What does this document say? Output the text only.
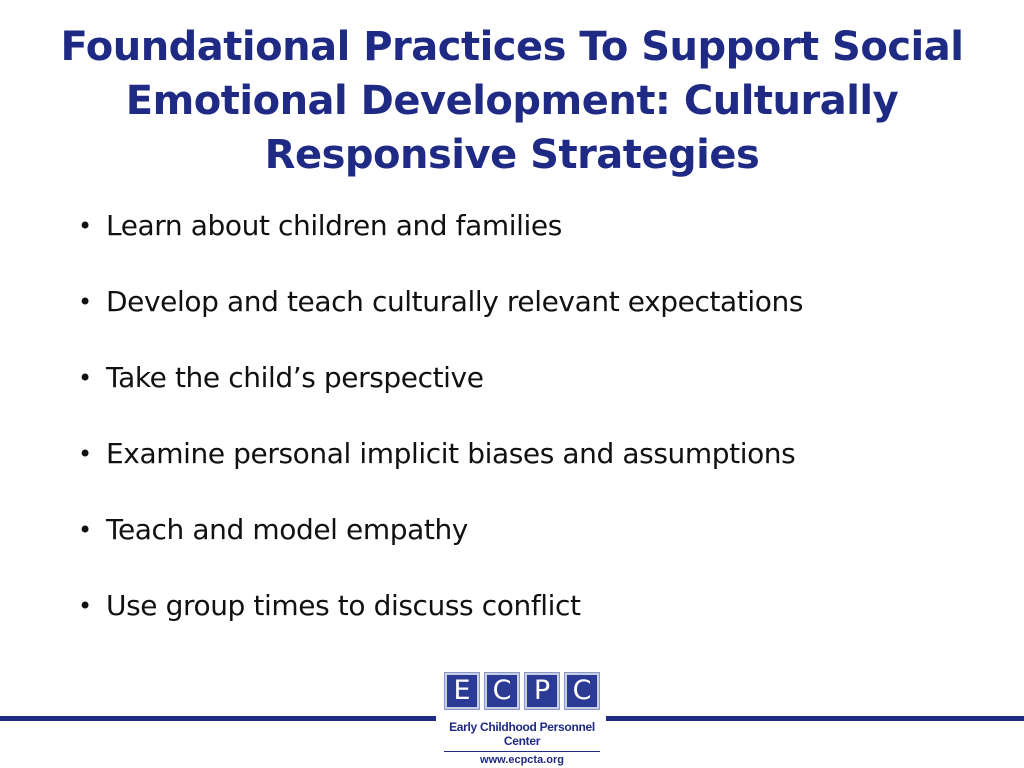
Foundational Practices To Support Social
Emotional Development: Culturally
Responsive Strategies
• Learn about children and families
• Develop and teach culturally relevant expectations
• Take the child’s perspective
• Examine personal implicit biases and assumptions
• Teach and model empathy
• Use group times to discuss conflict
E C P C
Early Childhood Personnel Center
www.ecpcta.org
